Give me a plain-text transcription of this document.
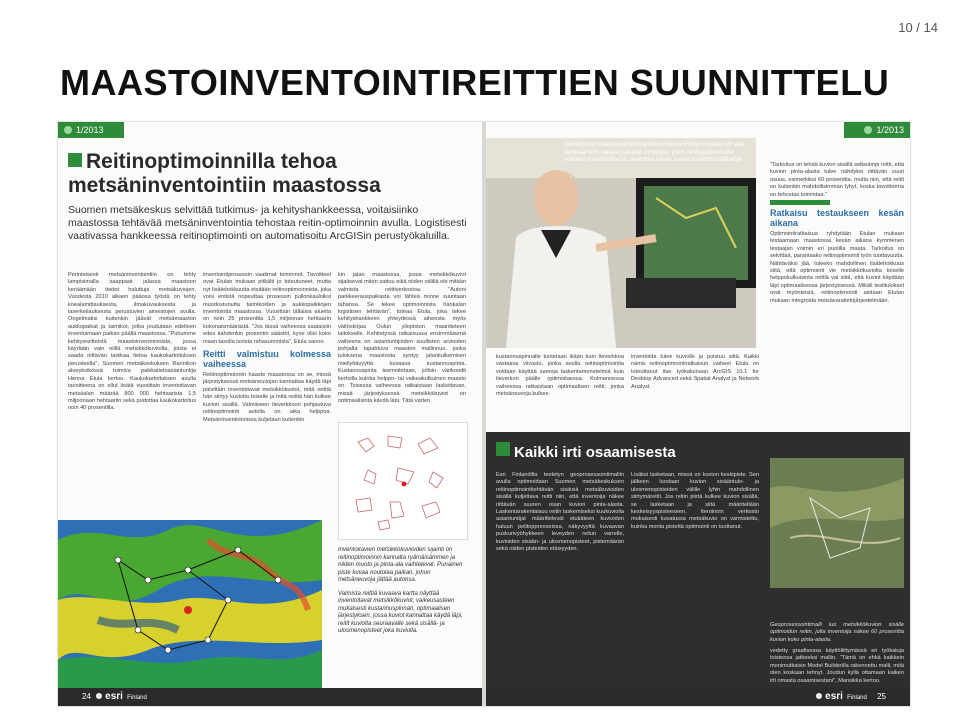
10 / 14
MAASTOINVENTOINTIREITTIEN SUUNNITTELU
1/2013
Reitinoptimoinnilla tehoa metsäninventointiin maastossa
Suomen metsäkeskus selvittää tutkimus- ja kehityshankkeessa, voitaisiinko maastossa tehtävää metsäninventointia tehostaa reitin-optimoinnin avulla. Logistisesti vaativassa hankkeessa reitinoptimointi on automatisoitu ArcGISin perustyökaluilla.
Perinteisesti metsäninventointiin on tehty lampisimalla saappaat jalassa maastoon keräämään tiedot haluttuja metsäkuviojen. Vuodesta 2010 alkaen pääosa työstä on tehty koealamittauksesta, ilmakuvauksesta ja laserkeilauksesta perustuvien aineistojen avulla. Ongelmaksi kuitenkin jäävät metsämaaston aukkopaikat ja taimikot, jotka joudutaan edelleen inventoimaan paikan päällä maastossa. "Puhumme kehitysreitteistä maastoinventoinnista, jossa käydään vain niillä metsikkökuvioilla, joista ei saada riittävän tarkkaa tietoa kaukokartoituksen perusteella", Suomen metsäkeskuksen Rannikon alueyksikössä toimiva paikkatietoasiantuntija Henna Etula kertoo. Kaukokartoituksen avulla tavoitteena on ollut lisätä vuosittain inventoitavan metsäalan määrää 800 000 hehtaarista 1,5 miljoonaan hehtaariin sekä pudottaa kaukokartoitus noin 40 prosentilla.
inventointiprosessin vaatimat toiminnot. Tavoitteet ovat Etulan mukaan pitkälti jo toteutuneet, mutta nyt lisätehokkuutta etsitään reitinoptimoinnista, joka voisi entistä nopeuttaa prosessin pullonkauloiksi muodostunutta taimikoiden ja aukkopaikkojen inventointia maastossa. Vuosittain tällaisia alueita on noin 25 prosenttia 1,5 miljoonan hehtaarin kokonaismäärästä. "Jos tässä vaiheessa saataisiin edes kahdenkin prosentin säästöt, kyse olisi koko maan tasolla isoista rahasummista", Etula sanoo.
Reitti valmistuu kolmessa vaiheessa
Reitinoptimoinnin haaste maastossa on se, missä järjestyksessä metsäneuvojan kannattaa käydä läpi päivittäin inventoitavat metsikkökuviot, mitä reittiä hän siirtyy kuviolta toiselle ja mitä reittiä hän kulkee kuvion sisällä. Valmiiseen tieverkkoon pohjautuva reitinoptimointi autolla on aika helppoa. Metsäninventoinnissa kuljetaan kuitenkin
kin jalan maastossa, jossa metsikkökuviot sijaitsevat miten sattuu eikä niiden välillä ole mitään valmista reittiverkostoa. "Autoni parkkeerauspaikasta voi lähteä minne suuntaan tahansa. Se tekee optimoinnista hankalan logistisen tehtävän", toteaa Etula, joka tekee kehityshankkeen yhteydessä aiheesta myös väitöskirjaa Oulun yliopiston maantieteen laitokselle. Kehitetyssä ratkaisussa ensimmäisenä vaiheena on asiantuntijoiden suullisten arvioiden pohjalta tapahtuva maaston mallinnus, jonka tuloksena maastosta syntyy jalankulkemisen miellyttävyyttä kuvaava kustannuspinta. Kustannuspinta teemoitetaan, jolloin värikoodit kertoilla kuinka helppo- tai vaikeakulkuinen maasto on. Toisessa vaiheessa ratkaistaan laskettavan, missä järjestyksessä metsikkökuviot on optimaalisinta käydä läpi. Tätä varten
Inventoitavien metsikkökuvioiden sijainti on reitinoptimoinnin kannalta ryämäisämmen ja niiden muoto ja pinta-ala vaihtelevat. Punainen piste kuvaa noutolaa paikan, johon metsäneuvoja jättää autonsa.
Valmista reittiä kuvaava kartta näyttää inventoitavat metsikkökuviot, vaikeusasteen mukaisesti kustannuspinnan, optimaalisen järjestyksen, jossa kuviot kannattaa käydä läpi, reitit kuviolta seuraavalle sekä sisällä- ja ulosmenopisteet joka kuviolla.
24 esri Finland
1/2013
Kehitetyssä maastoinventointia tekee Henna Etulan mukaan yli sata tienkilää noin satana päivänä vuodessa, joten reitinoptimoinnilla voidaan potentiaalisesti saavuttaa varsin suuria kustannussäästöjä.
"Tarkoitus on tehdä kuvion sisällä selkeämpi reitti, että kuvion pinta-alasta tulee nähdyksi riittävän suuri osuus, esimerkiksi 60 prosenttia, mutta niin, että reitti on kuitenkin mahdollisimman lyhyt, koska tavoitteena on tehostaa toimintaa."
Ratkaisu testaukseen kesän aikana
Optimointiratkaisua ryhdytään Etulan mukaan testaamaan maastossa kesän aikana kymmenen testaajan voimin eri puolilla maata. Tarkoitus on selvittää, parantaako reitinoptimointi työn tuottavuutta. Nähtäväksi jää, tuleeko mahdollinen lisätehokkuus siitä, että optimointi vie metsikkökuviolta toiselle helppokulkuisinta reittiä vai siitä, että kuviot käydään läpi optimaalisessa järjestyksessä. Mikäli testitulokset ovat myönteisiä, reitinoptimointi aiotaan Etulan mukaan integroida metsävaratietojärjestelmään.
kustannuspinnalle tuotetaan ikään kuin tieverkkoa vastaava viivasto, jonka avulla reitinoptimointia voidaan käyttää samoja laskentamenetelmiä kuin tieverkon päälle optimoitaessa. Kolmannessa vaiheessa ratkaistaan optimaalisen reitti, jonka metsäneuvoja kulkee.
inventoida tulee kuviolle ja poistuu siitä. Kaikki nämä reitinoptimointiratkaisun vaiheet Etula on toteuttanut itse työkaluinaan ArcGIS 10.1 for Desktop Advanced sekä Spatial Analyst ja Network Analyst.
Kaikki irti osaamisesta
Esri Finlandilla teetetyn geoprosessointimallin avulla optimoidaan Suomen metsäkeskuksen reitinoptimointitehtävän sisäisiä metsäkuvioiden sisällä kuljettava reitti niin, että inventoija näkee riittävän suuren osan kuvion pinta-alasta. Laskentarakentaisuu reitin laskemiseksi kuukuviolla asiantuntijat määrittelevät etukäteen kuvioiden haluun pelitoppreoseissa, näkyvyyttä kuvaavan puskurivyöhykkeen leveyden reilun varrelle, kuvioiden sisään- ja ulosmenopisteet, pistemäärän sekä niiden pisteiden etäisyyden.
Lisäksi lasketaan, missä on kuvion keskipiste. Sen jälkeen luodaan kuvion sisääntulo- ja ulosmenopisteiden välille lyhin mahdollinen siirtymäreitti. Jos reitin piirtä kulkee kuvion sisällä, se lasketaan ja siitä määritellään keskeisyyspisteeseen. Iteroinnin verkosto mukaisesti kuvatussa metsäkuvio on varmistettu, kuinka monta pistettä optimointi on tuottanut.
Geoprosessointimalli luo metsikkökuvion sisälle optimoidun reitin, jolta inventoija näkee 60 prosenttia kuvion koko pinta-alasta.
vedetty graafisessa käyttöliittymässä eri työkaluja toistensa jatkeeksi mallin. "Tämä on ehkä kaikkein monimutkaisin Model Builderilla rakennettu malli, mitä olen koskaan tehnyt. Joudun kyllä ottamaan kaiken irti omasta osaamisestani", Mansikka kertoo.
esri Finland 25
